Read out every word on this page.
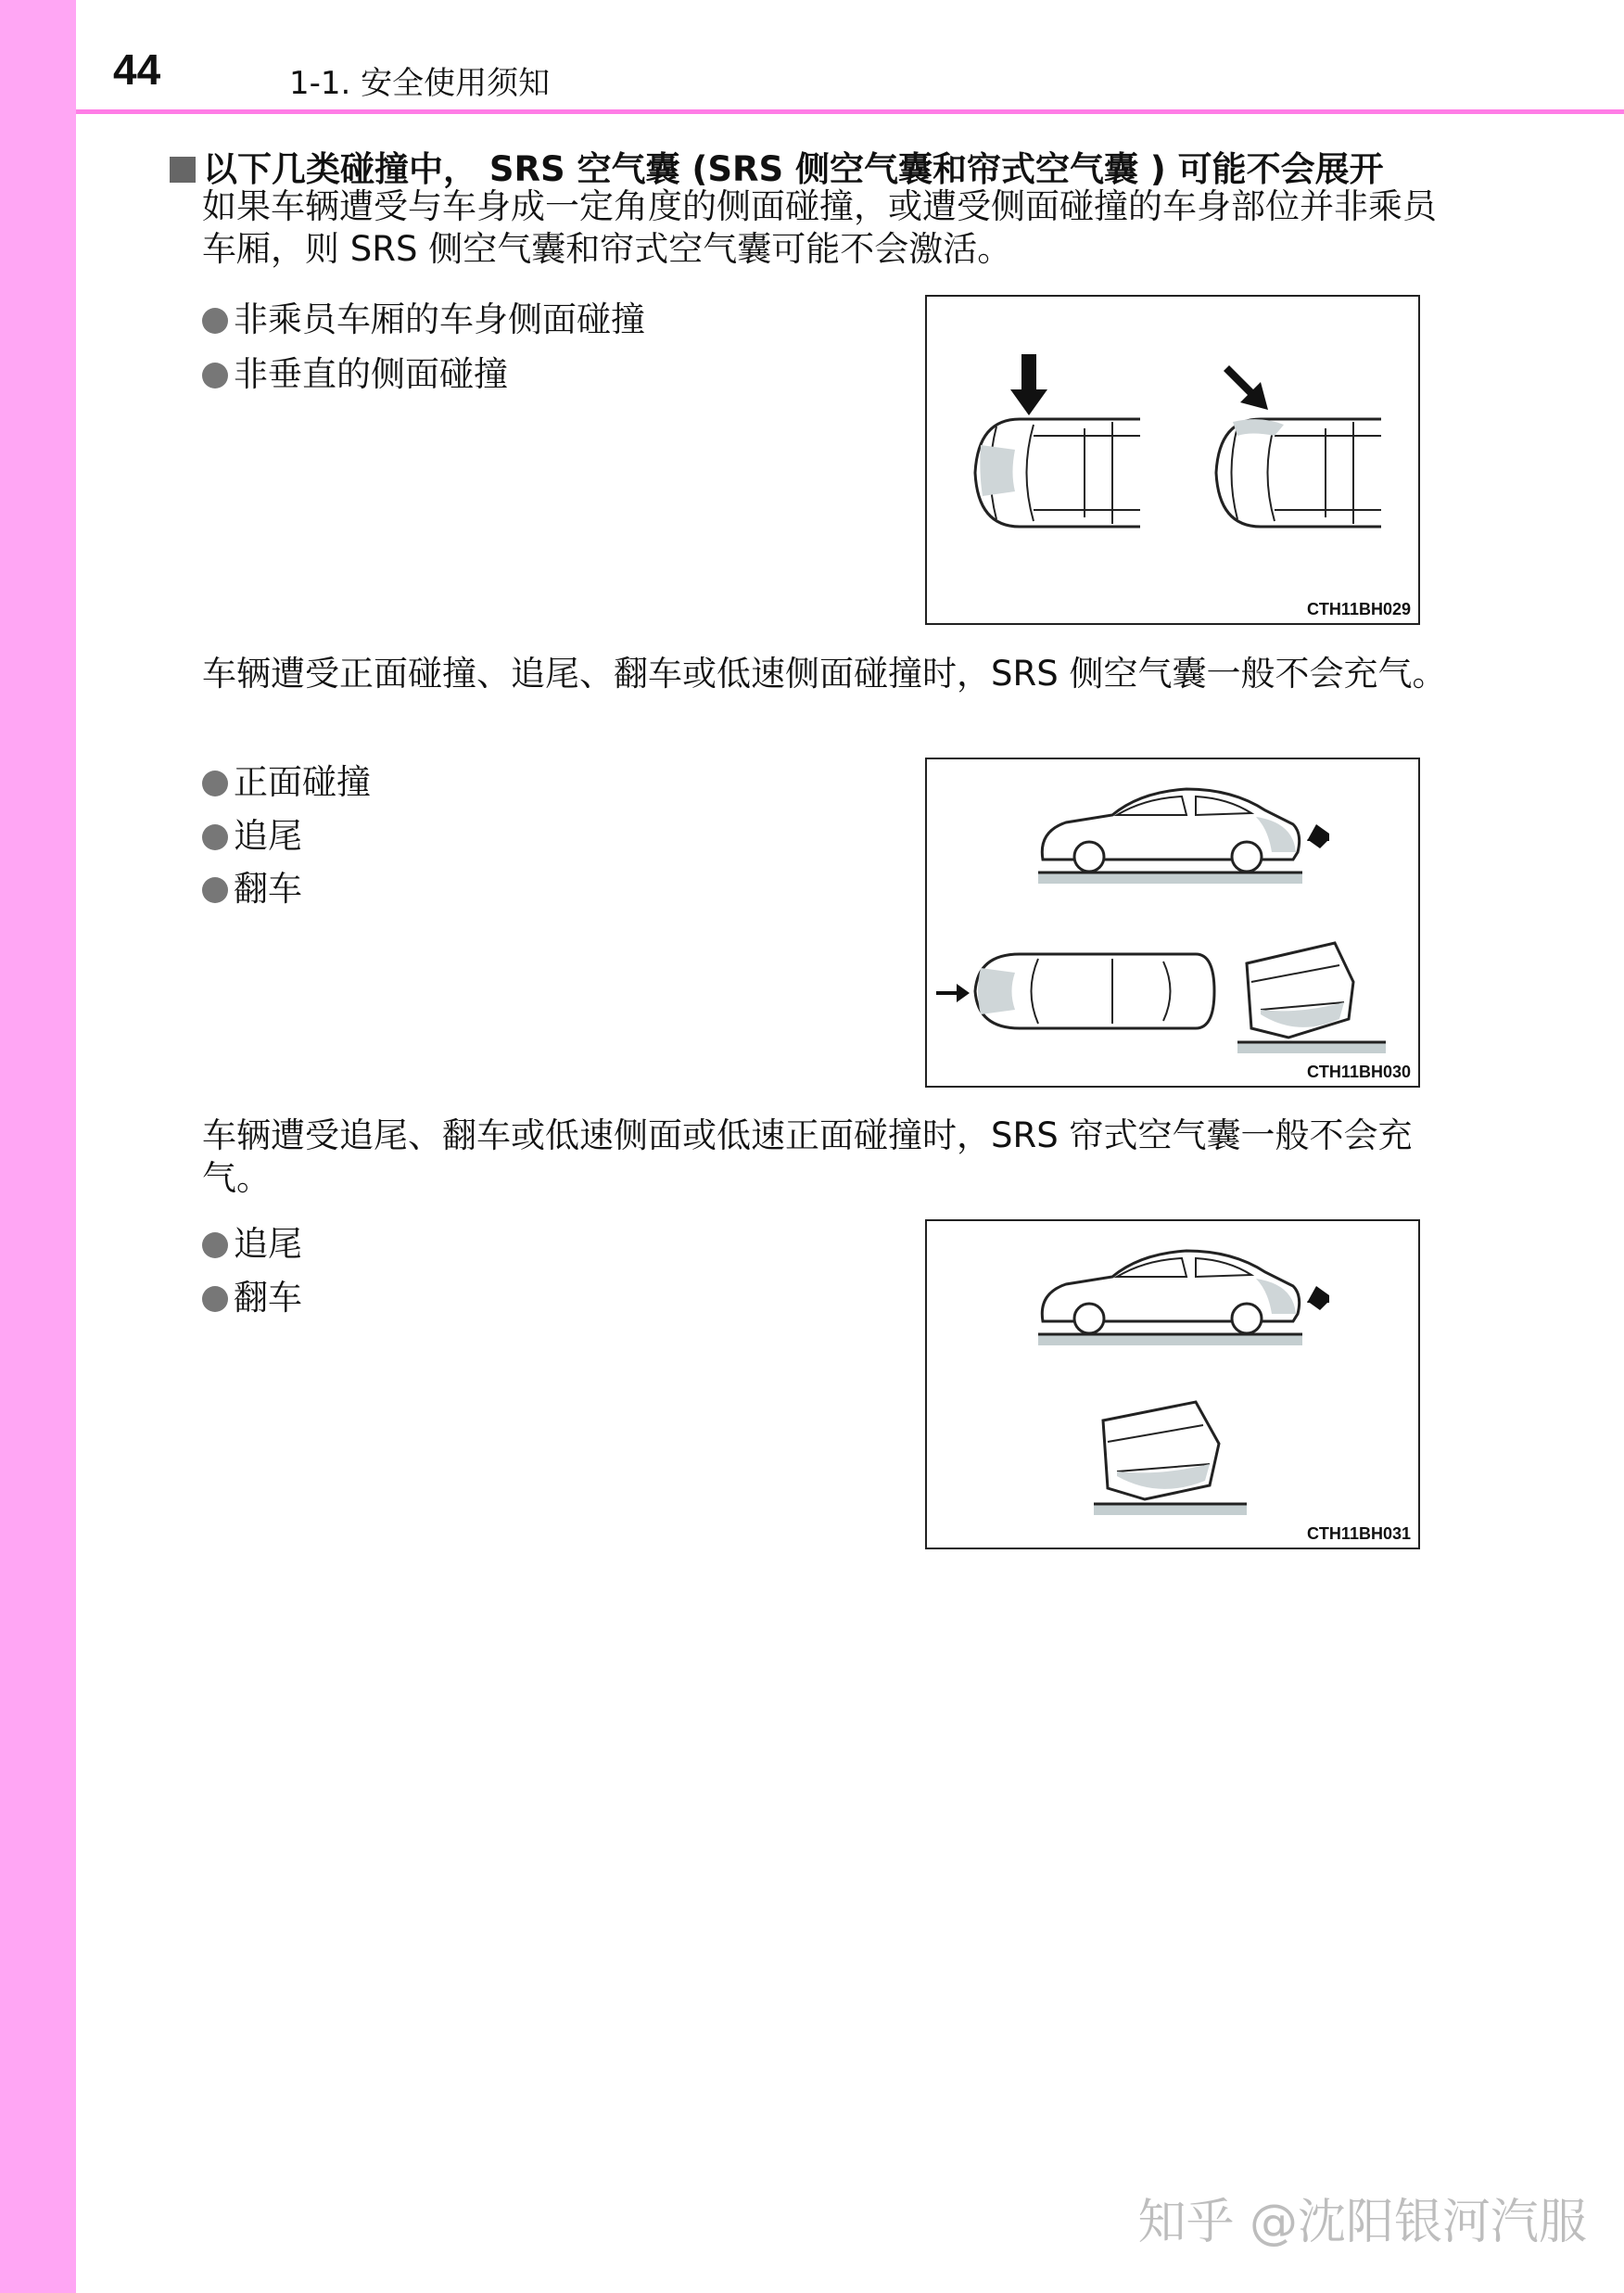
44	1-1. 安全使用须知
以下几类碰撞中， SRS 空气囊 (SRS 侧空气囊和帘式空气囊 ) 可能不会展开
如果车辆遭受与车身成一定角度的侧面碰撞，或遭受侧面碰撞的车身部位并非乘员车厢，则 SRS 侧空气囊和帘式空气囊可能不会激活。
非乘员车厢的车身侧面碰撞
非垂直的侧面碰撞
CTH11BH029
车辆遭受正面碰撞、追尾、翻车或低速侧面碰撞时，SRS 侧空气囊一般不会充气。
正面碰撞
追尾
翻车
CTH11BH030
车辆遭受追尾、翻车或低速侧面或低速正面碰撞时，SRS 帘式空气囊一般不会充气。
追尾
翻车
CTH11BH031
知乎 @沈阳银河汽服
